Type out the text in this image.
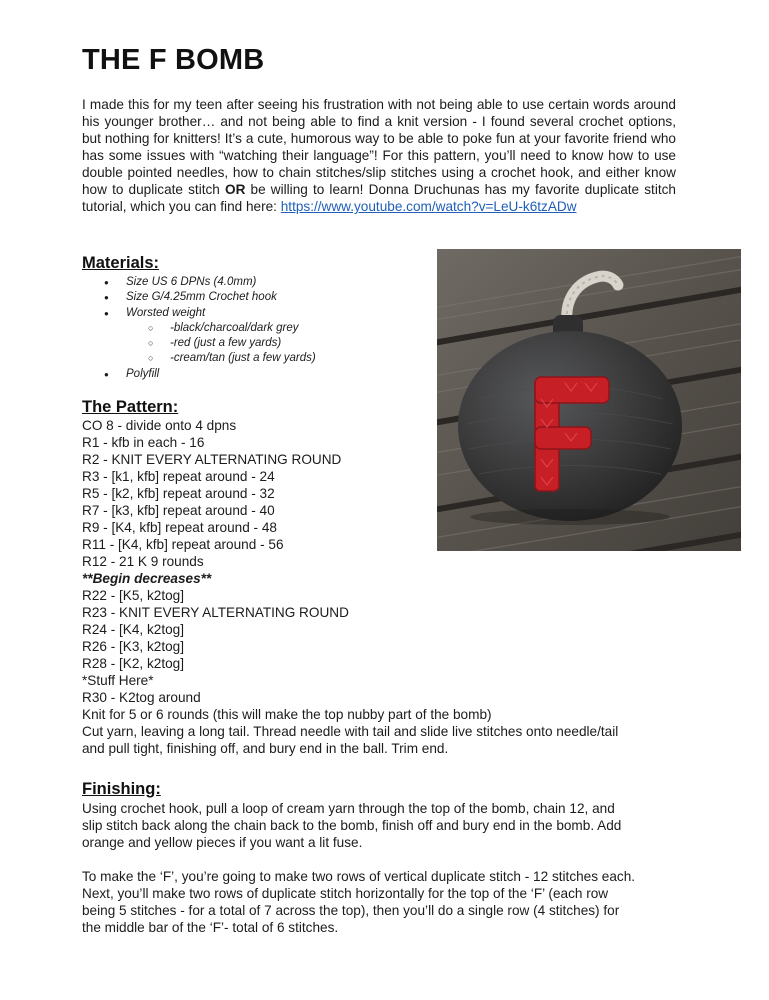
THE F BOMB

I made this for my teen after seeing his frustration with not being able to use certain words around his younger brother… and not being able to find a knit version - I found several crochet options, but nothing for knitters! It’s a cute, humorous way to be able to poke fun at your favorite friend who has some issues with “watching their language”! For this pattern, you’ll need to know how to use double pointed needles, how to chain stitches/slip stitches using a crochet hook, and either know how to duplicate stitch OR be willing to learn! Donna Druchunas has my favorite duplicate stitch tutorial, which you can find here: https://www.youtube.com/watch?v=LeU-k6tzADw

Materials:
● Size US 6 DPNs (4.0mm)
● Size G/4.25mm Crochet hook
● Worsted weight
○ -black/charcoal/dark grey
○ -red (just a few yards)
○ -cream/tan (just a few yards)
● Polyfill
The Pattern:
CO 8 - divide onto 4 dpns
R1 - kfb in each - 16
R2 - KNIT EVERY ALTERNATING ROUND
R3 - [k1, kfb] repeat around - 24
R5 - [k2, kfb] repeat around - 32
R7 - [k3, kfb] repeat around - 40
R9 - [K4, kfb] repeat around - 48
R11 - [K4, kfb] repeat around - 56
R12 - 21 K 9 rounds
**Begin decreases**
R22 - [K5, k2tog]
R23 - KNIT EVERY ALTERNATING ROUND
R24 - [K4, k2tog]
R26 - [K3, k2tog]
R28 - [K2, k2tog]
*Stuff Here*
R30 - K2tog around
Knit for 5 or 6 rounds (this will make the top nubby part of the bomb)
Cut yarn, leaving a long tail. Thread needle with tail and slide live stitches onto needle/tail
and pull tight, finishing off, and bury end in the ball. Trim end.
Finishing:

Using crochet hook, pull a loop of cream yarn through the top of the bomb, chain 12, and
slip stitch back along the chain back to the bomb, finish off and bury end in the bomb. Add
orange and yellow pieces if you want a lit fuse.

To make the ‘F’, you’re going to make two rows of vertical duplicate stitch - 12 stitches each.
Next, you’ll make two rows of duplicate stitch horizontally for the top of the ‘F’ (each row
being 5 stitches - for a total of 7 across the top), then you’ll do a single row (4 stitches) for
the middle bar of the ‘F’- total of 6 stitches.
